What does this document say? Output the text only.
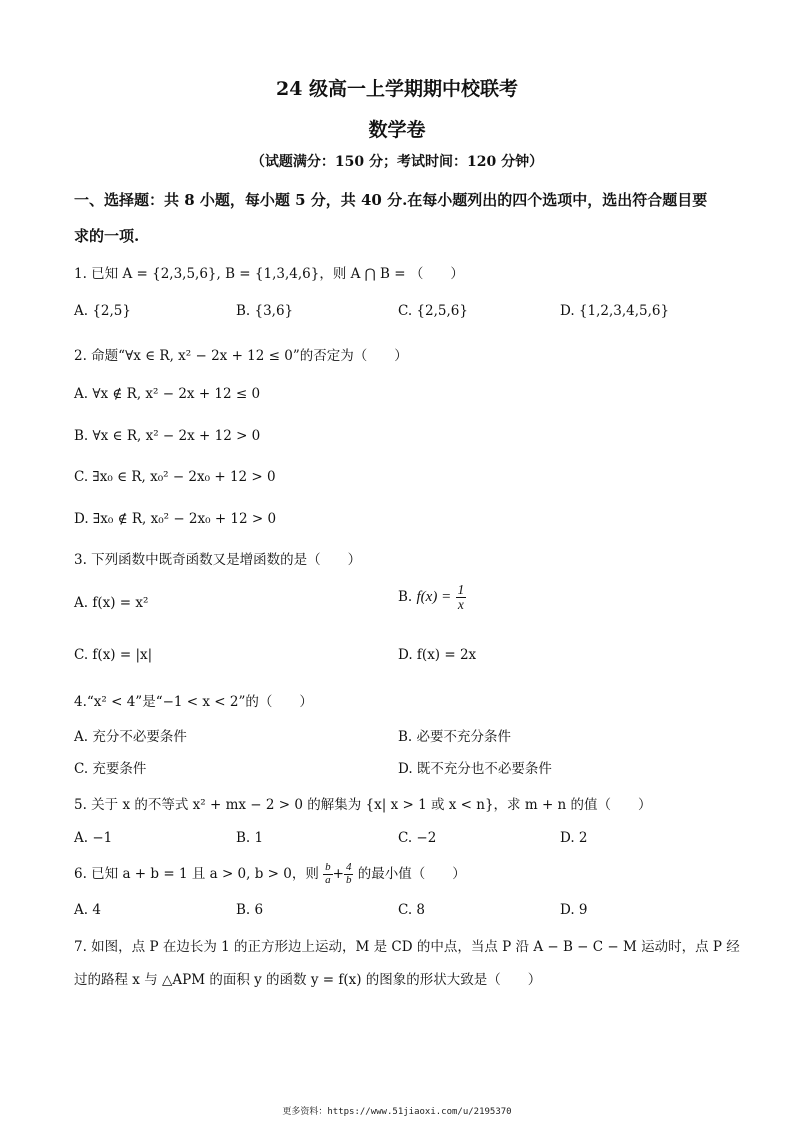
24 级高一上学期期中校联考
数学卷
（试题满分：150 分；考试时间：120 分钟）
一、选择题：共 8 小题，每小题 5 分，共 40 分.在每小题列出的四个选项中，选出符合题目要
求的一项.
1. 已知 A = {2,3,5,6}, B = {1,3,4,6}，则 A ⋂ B = （　　）
A. {2,5}	B. {3,6}	C. {2,5,6}	D. {1,2,3,4,5,6}
2. 命题“∀x ∈ R, x² − 2x + 12 ≤ 0”的否定为（　　）
A. ∀x ∉ R, x² − 2x + 12 ≤ 0
B. ∀x ∈ R, x² − 2x + 12 > 0
C. ∃x₀ ∈ R, x₀² − 2x₀ + 12 > 0
D. ∃x₀ ∉ R, x₀² − 2x₀ + 12 > 0
3. 下列函数中既奇函数又是增函数的是（　　）
A. f(x) = x²	B. $f(x) = \frac{1}{x}$
C. f(x) = |x|	D. f(x) = 2x
4.“x² < 4”是“−1 < x < 2”的（　　）
A. 充分不必要条件	B. 必要不充分条件
C. 充要条件	D. 既不充分也不必要条件
5. 关于 x 的不等式 x² + mx − 2 > 0 的解集为 {x| x > 1 或 x < n}，求 m + n 的值（　　）
A. −1	B. 1	C. −2	D. 2
6. 已知 a + b = 1 且 a > 0, b > 0，则 $\frac{b}{a} + \frac{4}{b}$ 的最小值（　　）
A. 4	B. 6	C. 8	D. 9
7. 如图，点 P 在边长为 1 的正方形边上运动，M 是 CD 的中点，当点 P 沿 A − B − C − M 运动时，点 P 经
过的路程 x 与 △APM 的面积 y 的函数 y = f(x) 的图象的形状大致是（　　）
更多资料：https://www.51jiaoxi.com/u/2195370
